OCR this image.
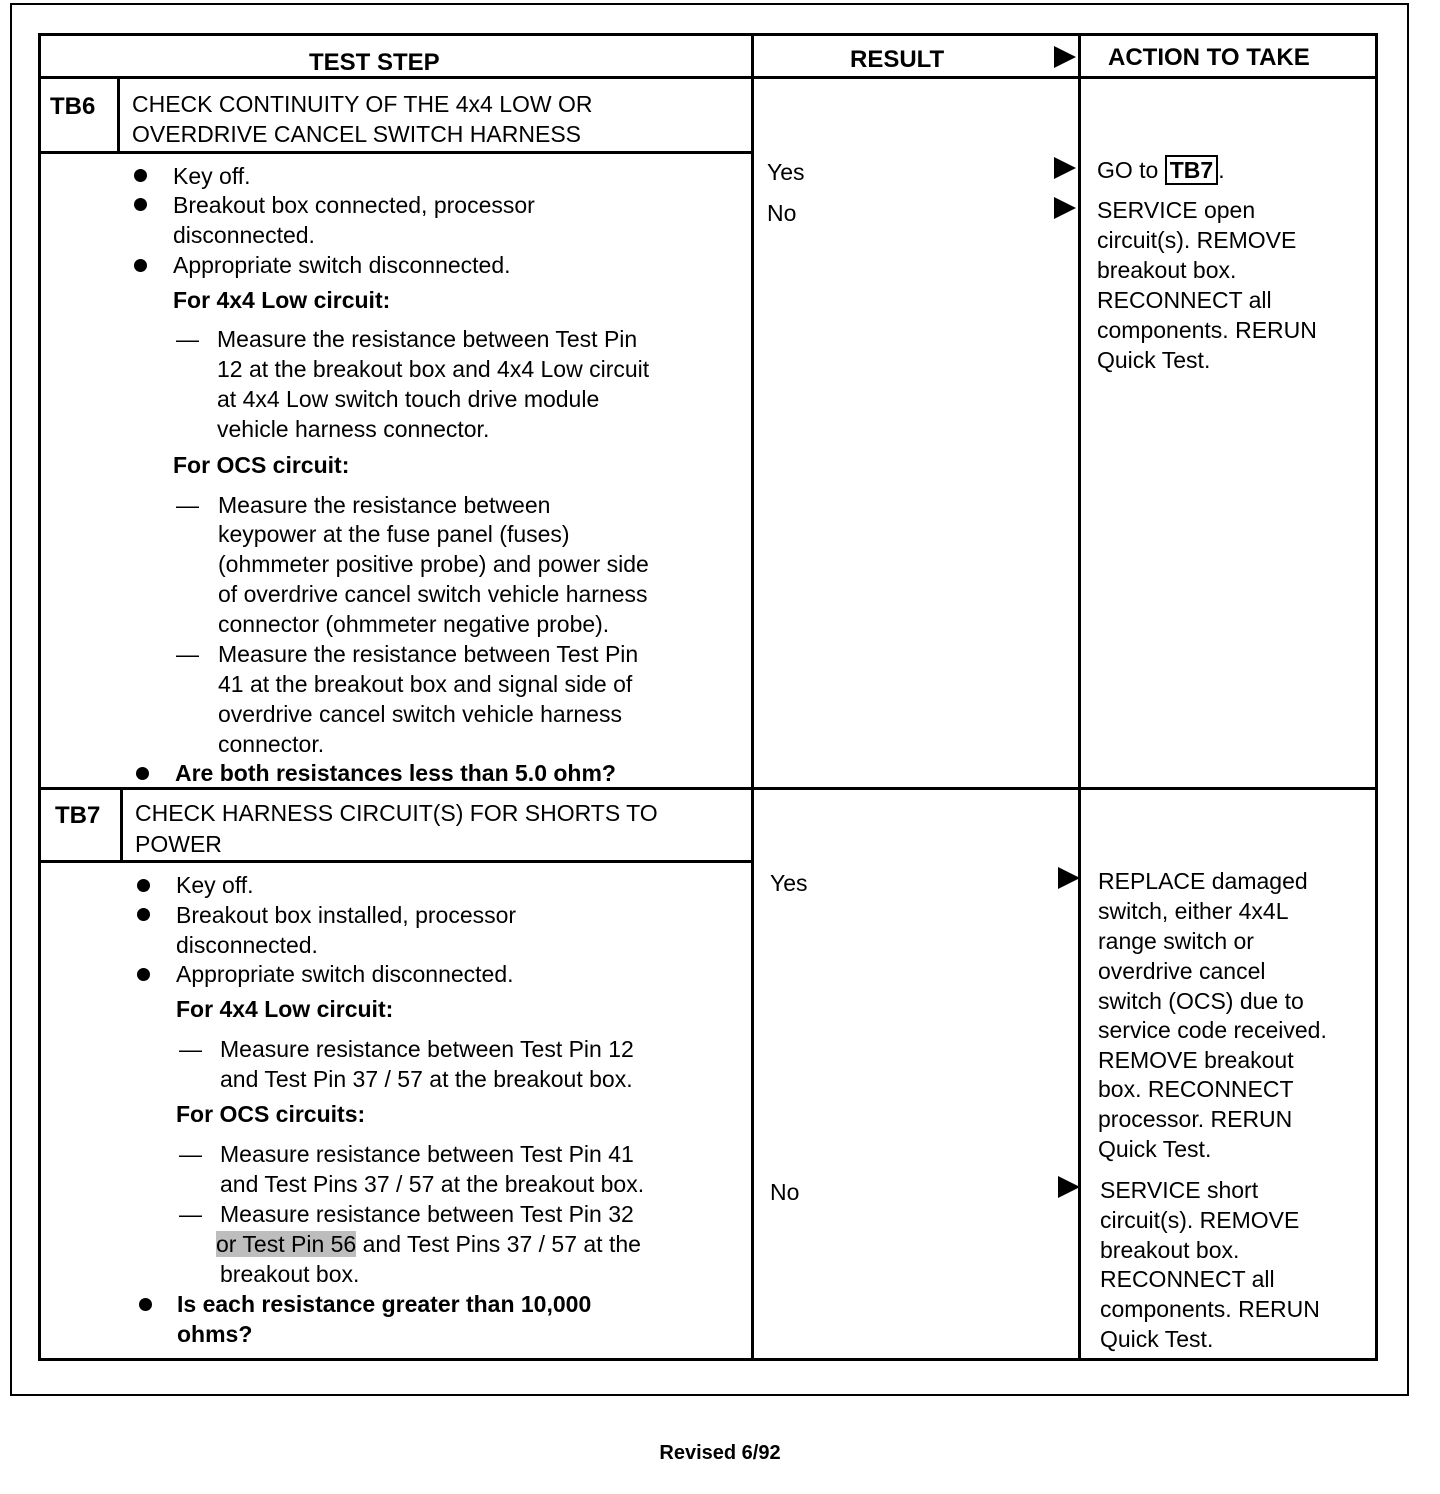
TEST STEP	RESULT	ACTION TO TAKE
TB6 CHECK CONTINUITY OF THE 4x4 LOW OR
OVERDRIVE CANCEL SWITCH HARNESS
Key off.
Breakout box connected, processor
disconnected.
Appropriate switch disconnected.
For 4x4 Low circuit:
— Measure the resistance between Test Pin
12 at the breakout box and 4x4 Low circuit
at 4x4 Low switch touch drive module
vehicle harness connector.
For OCS circuit:
— Measure the resistance between
keypower at the fuse panel (fuses)
(ohmmeter positive probe) and power side
of overdrive cancel switch vehicle harness
connector (ohmmeter negative probe).
— Measure the resistance between Test Pin
41 at the breakout box and signal side of
overdrive cancel switch vehicle harness
connector.
Are both resistances less than 5.0 ohm?
Yes
No
GO to TB7 .
SERVICE open
circuit(s). REMOVE
breakout box.
RECONNECT all
components. RERUN
Quick Test.
TB7 CHECK HARNESS CIRCUIT(S) FOR SHORTS TO
POWER
Key off.
Breakout box installed, processor
disconnected.
Appropriate switch disconnected.
For 4x4 Low circuit:
— Measure resistance between Test Pin 12
and Test Pin 37 / 57 at the breakout box.
For OCS circuits:
— Measure resistance between Test Pin 41
and Test Pins 37 / 57 at the breakout box.
— Measure resistance between Test Pin 32
or Test Pin 56 and Test Pins 37 / 57 at the
breakout box.
Is each resistance greater than 10,000
ohms?
Yes
No
REPLACE damaged
switch, either 4x4L
range switch or
overdrive cancel
switch (OCS) due to
service code received.
REMOVE breakout
box. RECONNECT
processor. RERUN
Quick Test.
SERVICE short
circuit(s). REMOVE
breakout box.
RECONNECT all
components. RERUN
Quick Test.
Revised 6/92
